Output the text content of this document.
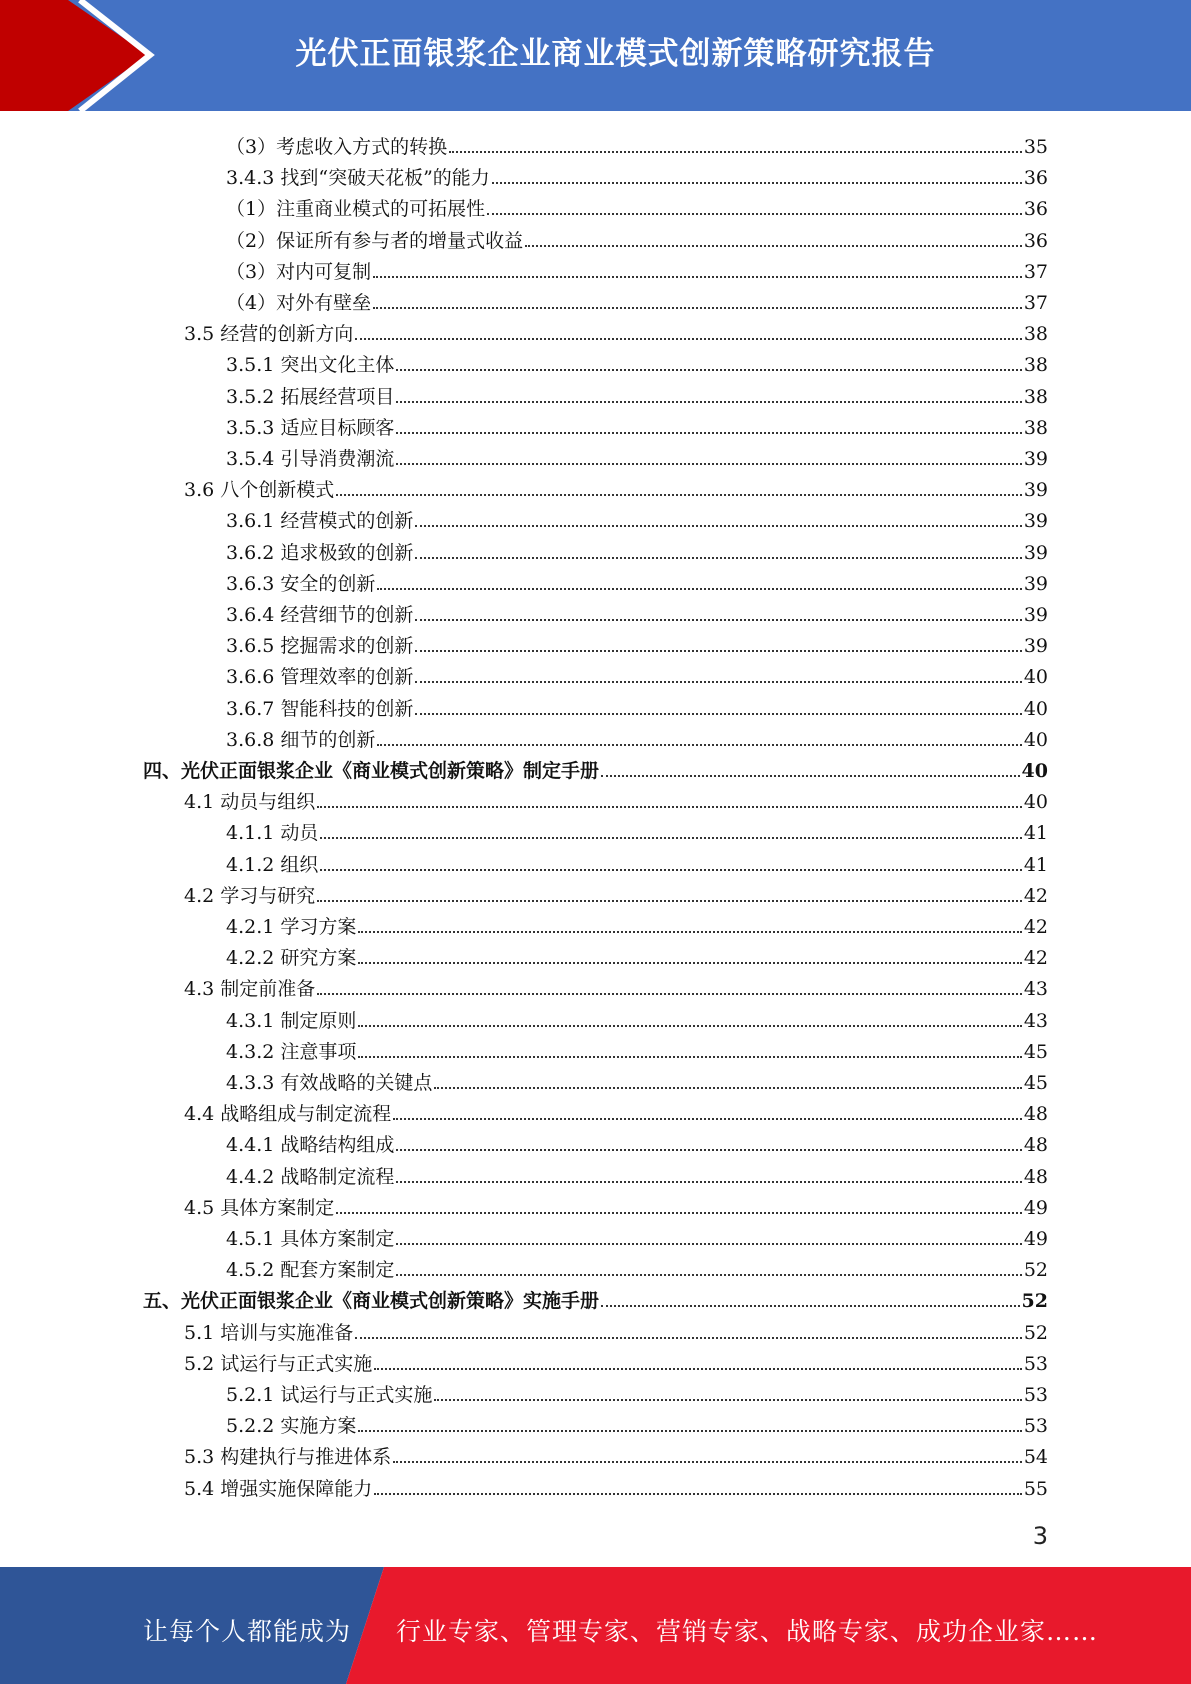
光伏正面银浆企业商业模式创新策略研究报告
（3）考虑收入方式的转换	35
3.4.3 找到“突破天花板”的能力	36
（1）注重商业模式的可拓展性	36
（2）保证所有参与者的增量式收益	36
（3）对内可复制	37
（4）对外有壁垒	37
3.5 经营的创新方向	38
3.5.1 突出文化主体	38
3.5.2 拓展经营项目	38
3.5.3 适应目标顾客	38
3.5.4 引导消费潮流	39
3.6 八个创新模式	39
3.6.1 经营模式的创新	39
3.6.2 追求极致的创新	39
3.6.3 安全的创新	39
3.6.4 经营细节的创新	39
3.6.5 挖掘需求的创新	39
3.6.6 管理效率的创新	40
3.6.7 智能科技的创新	40
3.6.8 细节的创新	40
四、光伏正面银浆企业《商业模式创新策略》制定手册	40
4.1 动员与组织	40
4.1.1 动员	41
4.1.2 组织	41
4.2 学习与研究	42
4.2.1 学习方案	42
4.2.2 研究方案	42
4.3 制定前准备	43
4.3.1 制定原则	43
4.3.2 注意事项	45
4.3.3 有效战略的关键点	45
4.4 战略组成与制定流程	48
4.4.1 战略结构组成	48
4.4.2 战略制定流程	48
4.5 具体方案制定	49
4.5.1 具体方案制定	49
4.5.2 配套方案制定	52
五、光伏正面银浆企业《商业模式创新策略》实施手册	52
5.1 培训与实施准备	52
5.2 试运行与正式实施	53
5.2.1 试运行与正式实施	53
5.2.2 实施方案	53
5.3 构建执行与推进体系	54
5.4 增强实施保障能力	55
3
让每个人都能成为 行业专家、管理专家、营销专家、战略专家、成功企业家……
